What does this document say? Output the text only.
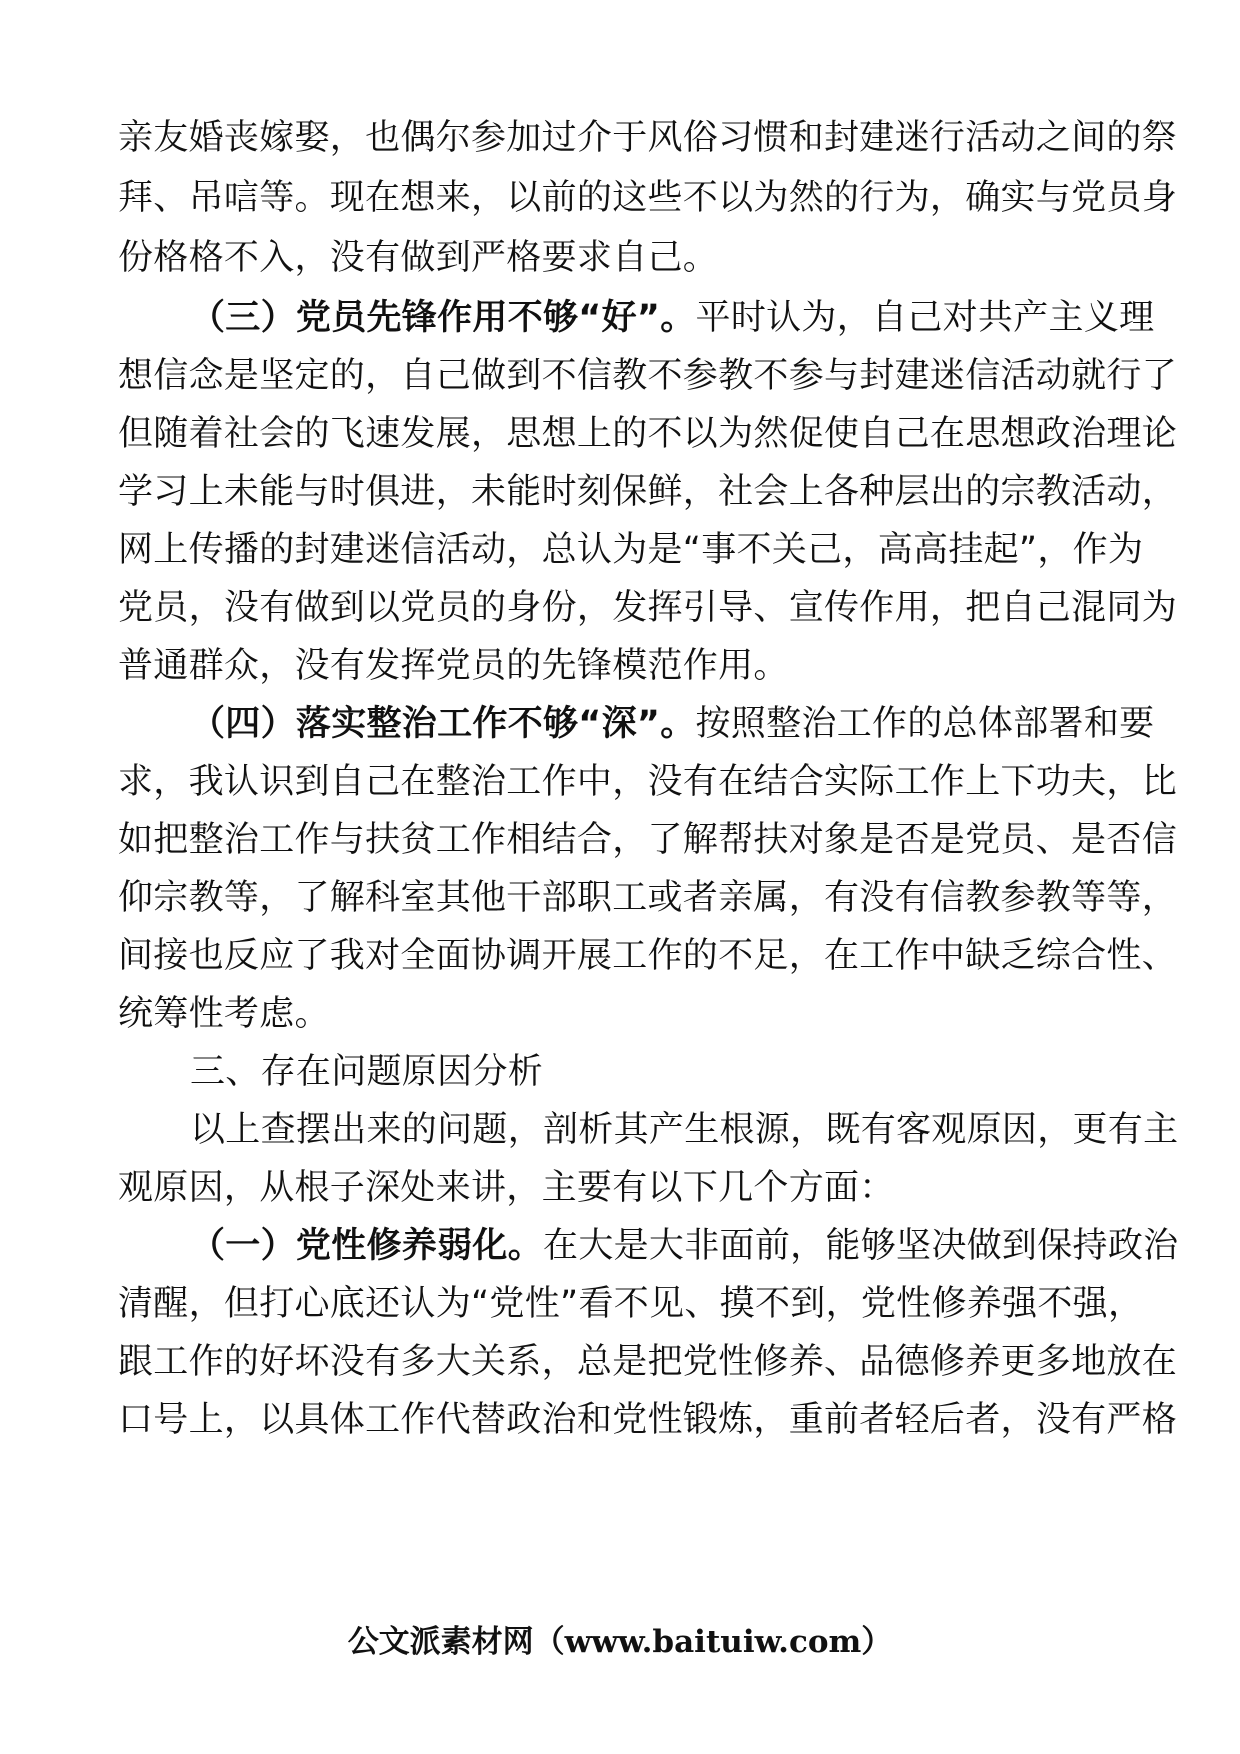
亲友婚丧嫁娶，也偶尔参加过介于风俗习惯和封建迷行活动之间的祭
拜、吊唁等。现在想来，以前的这些不以为然的行为，确实与党员身
份格格不入，没有做到严格要求自己。
（三）党员先锋作用不够“好”。平时认为，自己对共产主义理
想信念是坚定的，自己做到不信教不参教不参与封建迷信活动就行了
但随着社会的飞速发展，思想上的不以为然促使自己在思想政治理论
学习上未能与时俱进，未能时刻保鲜，社会上各种层出的宗教活动，
网上传播的封建迷信活动，总认为是“事不关己，高高挂起”，作为
党员，没有做到以党员的身份，发挥引导、宣传作用，把自己混同为
普通群众，没有发挥党员的先锋模范作用。
（四）落实整治工作不够“深”。按照整治工作的总体部署和要
求，我认识到自己在整治工作中，没有在结合实际工作上下功夫，比
如把整治工作与扶贫工作相结合，了解帮扶对象是否是党员、是否信
仰宗教等，了解科室其他干部职工或者亲属，有没有信教参教等等，
间接也反应了我对全面协调开展工作的不足，在工作中缺乏综合性、
统筹性考虑。
三、存在问题原因分析
以上查摆出来的问题，剖析其产生根源，既有客观原因，更有主
观原因，从根子深处来讲，主要有以下几个方面：
（一）党性修养弱化。在大是大非面前，能够坚决做到保持政治
清醒，但打心底还认为“党性”看不见、摸不到，党性修养强不强，
跟工作的好坏没有多大关系，总是把党性修养、品德修养更多地放在
口号上，以具体工作代替政治和党性锻炼，重前者轻后者，没有严格
公文派素材网（www.baituiw.com）
